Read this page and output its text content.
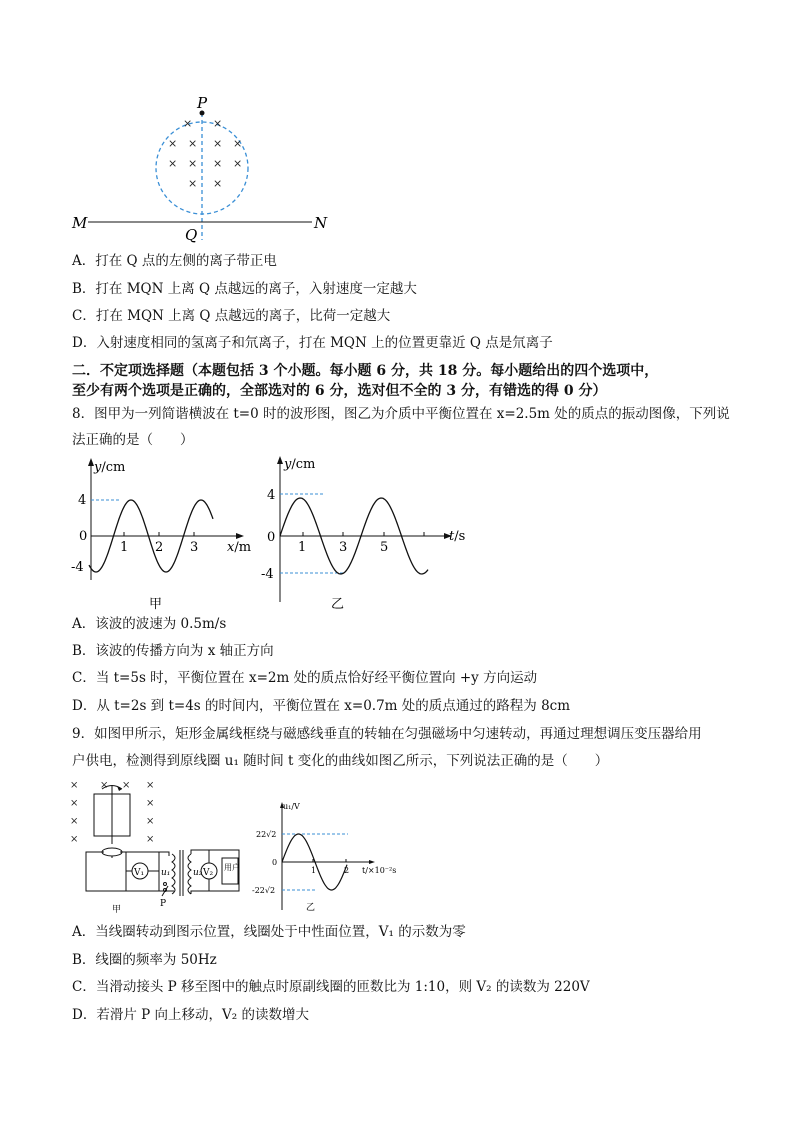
× ×
× × × ×
× × × ×
× ×
P
M	N
Q
A．打在 Q 点的左侧的离子带正电
B．打在 MQN 上离 Q 点越远的离子，入射速度一定越大
C．打在 MQN 上离 Q 点越远的离子，比荷一定越大
D．入射速度相同的氢离子和氘离子，打在 MQN 上的位置更靠近 Q 点是氘离子
二．不定项选择题（本题包括 3 个小题。每小题 6 分，共 18 分。每小题给出的四个选项中，
至少有两个选项是正确的，全部选对的 6 分，选对但不全的 3 分，有错选的得 0 分）
8．图甲为一列简谐横波在 t=0 时的波形图，图乙为介质中平衡位置在 x=2.5m 处的质点的振动图像，下列说
法正确的是（　　）
y/cm
4
0
-4
1 2 3 x/m
甲
y/cm
4
0
-4
1	3	5
t/s
乙
A．该波的波速为 0.5m/s
B．该波的传播方向为 x 轴正方向
C．当 t=5s 时，平衡位置在 x=2m 处的质点恰好经平衡位置向 +y 方向运动
D．从 t=2s 到 t=4s 的时间内，平衡位置在 x=0.7m 处的质点通过的路程为 8cm
9．如图甲所示，矩形金属线框绕与磁感线垂直的转轴在匀强磁场中匀速转动，再通过理想调压变压器给用
户供电，检测得到原线圈 u₁ 随时间 t 变化的曲线如图乙所示，下列说法正确的是（　　）
× × × ×
×	×
×	×
×	×
V₁ u₁	V₂
u₂
用户
P
甲
u₁/V
22√2
0
-22√2
1	2 t/×10⁻²s
乙
A．当线圈转动到图示位置，线圈处于中性面位置，V₁ 的示数为零
B．线圈的频率为 50Hz
C．当滑动接头 P 移至图中的触点时原副线圈的匝数比为 1:10，则 V₂ 的读数为 220V
D．若滑片 P 向上移动，V₂ 的读数增大
